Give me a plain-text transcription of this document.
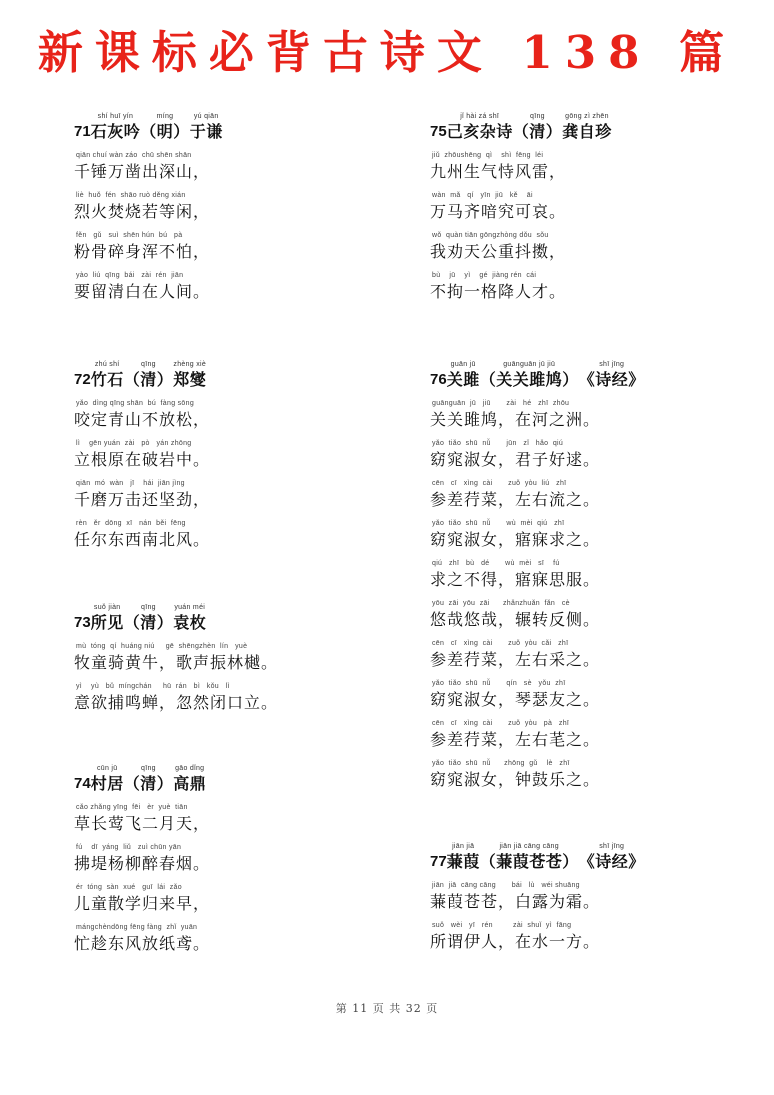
新课标必背古诗文 138 篇
71
shí huī yín
石灰吟
míng
（明）
yú qiān
于谦
qiān chuí wàn záo  chū shēn shān
千锤万凿出深山，
liè  huǒ  fén  shāo ruò děng xián
烈火焚烧若等闲，
fěn   gǔ   suì  shēn hún  bú   pà
粉骨碎身浑不怕，
yào  liú  qīng  bái   zài  rén  jiān
要留清白在人间。
72
zhú shí
竹石
qīng
（清）
zhèng xiè
郑燮
yǎo  dìng qīng shān  bú  fàng sōng
咬定青山不放松，
lì    gēn yuán  zài   pò   yán zhōng
立根原在破岩中。
qiān  mó  wàn   jī    hái  jiān jìng
千磨万击还坚劲，
rèn   ěr  dōng  xī   nán  běi  fēng
任尔东西南北风。
73
suǒ jiàn
所见
qīng
（清）
yuán méi
袁枚
mù  tóng  qí  huáng niú     gē  shēngzhèn  lín   yuè
牧童骑黄牛，歌声振林樾。
yì    yù   bǔ  míngchán     hū  rán   bì   kǒu   lì
意欲捕鸣蝉，忽然闭口立。
74
cūn jū
村居
qīng
（清）
gāo dǐng
高鼎
cǎo zhǎng yīng  fēi   èr  yuè  tiān
草长莺飞二月天，
fú    dī  yáng  liǔ   zuì chūn yān
拂堤杨柳醉春烟。
ér  tóng  sàn  xué   guī  lái  zǎo
儿童散学归来早，
mángchèndōng fēng fàng  zhǐ  yuān
忙趁东风放纸鸢。
75
jǐ hài zá shī
己亥杂诗
qīng
（清）
gōng zì zhēn
龚自珍
jiǔ  zhōushēng  qì    shì  fēng  léi
九州生气恃风雷，
wàn  mǎ   qí   yīn  jiū   kě    āi
万马齐喑究可哀。
wǒ  quàn tiān gōngzhòng dǒu  sǒu
我劝天公重抖擞，
bù    jū    yì    gé  jiàng rén  cái
不拘一格降人才。
76
guān jū
关雎
guānguān jū jiū
（关关雎鸠）
shī jīng
《诗经》
guānguān  jū   jiū       zài   hé   zhī  zhōu
关关雎鸠，在河之洲。
yǎo  tiǎo  shū  nǚ       jūn   zǐ   hǎo  qiú
窈窕淑女，君子好逑。
cēn   cī   xìng  cài       zuǒ  yòu  liú   zhī
参差荇菜，左右流之。
yǎo  tiǎo  shū  nǚ       wù  mèi  qiú   zhī
窈窕淑女，寤寐求之。
qiú   zhī   bù   dé       wù  mèi   sī    fú
求之不得，寤寐思服。
yōu  zāi  yōu  zāi      zhǎnzhuǎn  fǎn   cè
悠哉悠哉，辗转反侧。
cēn   cī   xìng  cài       zuǒ  yòu  cǎi   zhī
参差荇菜，左右采之。
yǎo  tiǎo  shū  nǚ       qín   sè   yǒu  zhī
窈窕淑女，琴瑟友之。
cēn   cī   xìng  cài       zuǒ  yòu   pà   zhī
参差荇菜，左右芼之。
yǎo  tiǎo  shū  nǚ      zhōng  gǔ    lè   zhī
窈窕淑女，钟鼓乐之。
77
jiān jiā
蒹葭
jiān jiā cāng cāng
（蒹葭苍苍）
shī jīng
《诗经》
jiān  jiā  cāng cāng       bái   lù   wéi shuāng
蒹葭苍苍，白露为霜。
suǒ   wèi   yī   rén         zài  shuǐ  yì  fāng
所谓伊人，在水一方。
第 11 页 共 32 页
